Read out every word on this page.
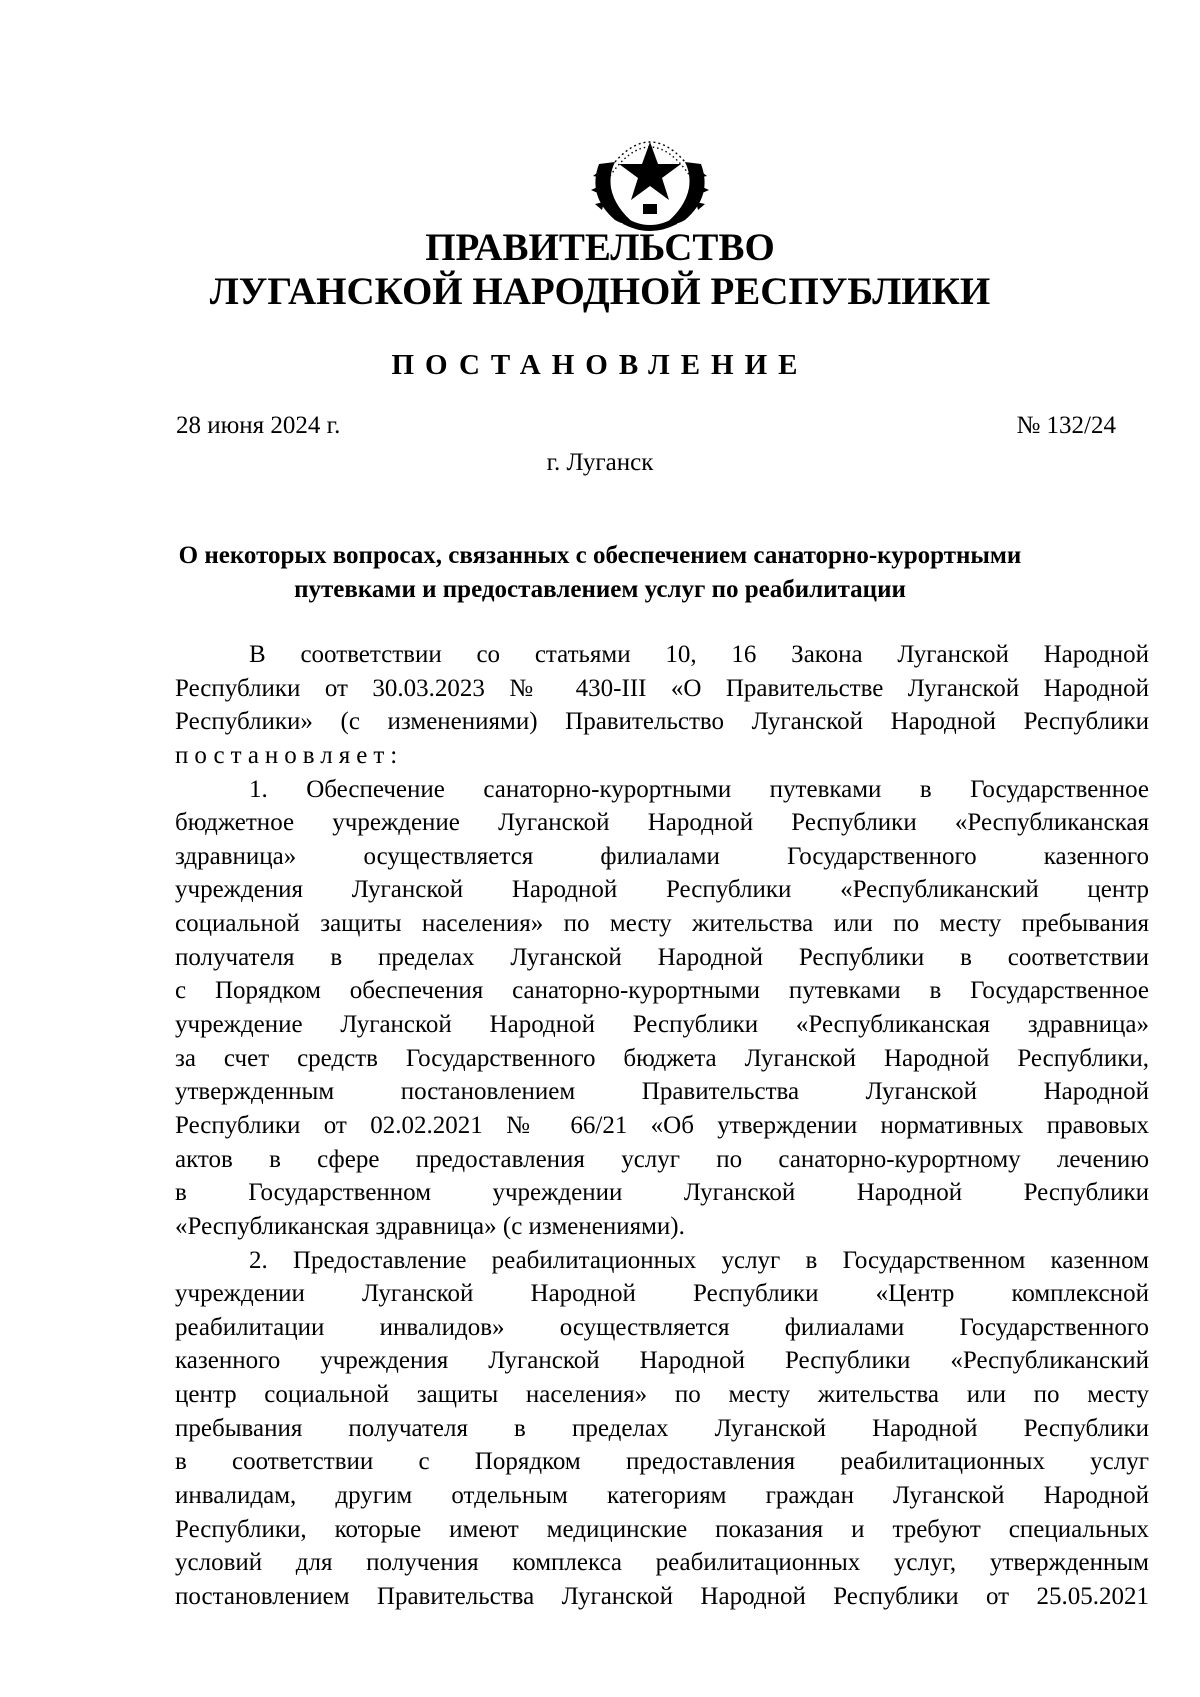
ПРАВИТЕЛЬСТВО
ЛУГАНСКОЙ НАРОДНОЙ РЕСПУБЛИКИ
ПОСТАНОВЛЕНИЕ
28 июня 2024 г.	№ 132/24
г. Луганск
О некоторых вопросах, связанных с обеспечением санаторно-курортными
путевками и предоставлением услуг по реабилитации
В соответствии со статьями 10, 16 Закона Луганской Народной
Республики от 30.03.2023 № 430-III «О Правительстве Луганской Народной
Республики» (с изменениями) Правительство Луганской Народной Республики
постановляет:
1. Обеспечение санаторно-курортными путевками в Государственное
бюджетное учреждение Луганской Народной Республики «Республиканская
здравница» осуществляется филиалами Государственного казенного
учреждения Луганской Народной Республики «Республиканский центр
социальной защиты населения» по месту жительства или по месту пребывания
получателя в пределах Луганской Народной Республики в соответствии
с Порядком обеспечения санаторно-курортными путевками в Государственное
учреждение Луганской Народной Республики «Республиканская здравница»
за счет средств Государственного бюджета Луганской Народной Республики,
утвержденным постановлением Правительства Луганской Народной
Республики от 02.02.2021 № 66/21 «Об утверждении нормативных правовых
актов в сфере предоставления услуг по санаторно-курортному лечению
в Государственном учреждении Луганской Народной Республики
«Республиканская здравница» (с изменениями).
2. Предоставление реабилитационных услуг в Государственном казенном
учреждении Луганской Народной Республики «Центр комплексной
реабилитации инвалидов» осуществляется филиалами Государственного
казенного учреждения Луганской Народной Республики «Республиканский
центр социальной защиты населения» по месту жительства или по месту
пребывания получателя в пределах Луганской Народной Республики
в соответствии с Порядком предоставления реабилитационных услуг
инвалидам, другим отдельным категориям граждан Луганской Народной
Республики, которые имеют медицинские показания и требуют специальных
условий для получения комплекса реабилитационных услуг, утвержденным
постановлением Правительства Луганской Народной Республики от 25.05.2021
